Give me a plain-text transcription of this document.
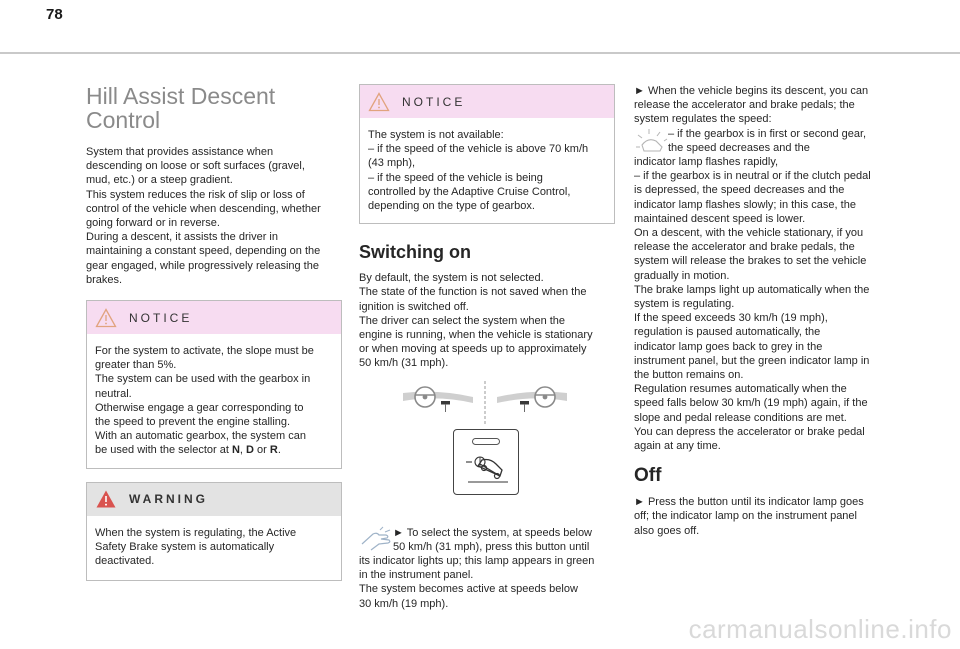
78
Hill Assist Descent
Control
System that provides assistance when
descending on loose or soft surfaces (gravel,
mud, etc.) or a steep gradient.
This system reduces the risk of slip or loss of
control of the vehicle when descending, whether
going forward or in reverse.
During a descent, it assists the driver in
maintaining a constant speed, depending on the
gear engaged, while progressively releasing the
brakes.
NOTICE
For the system to activate, the slope must be
greater than 5%.
The system can be used with the gearbox in
neutral.
Otherwise engage a gear corresponding to
the speed to prevent the engine stalling.
With an automatic gearbox, the system can
be used with the selector at N, D or R.
WARNING
When the system is regulating, the Active
Safety Brake system is automatically
deactivated.
NOTICE
The system is not available:
– if the speed of the vehicle is above 70 km/h
(43 mph),
– if the speed of the vehicle is being
controlled by the Adaptive Cruise Control,
depending on the type of gearbox.
Switching on
By default, the system is not selected.
The state of the function is not saved when the
ignition is switched off.
The driver can select the system when the
engine is running, when the vehicle is stationary
or when moving at speeds up to approximately
50 km/h (31 mph).
► To select the system, at speeds below
50 km/h (31 mph), press this button until
its indicator lights up; this lamp appears in green
in the instrument panel.
The system becomes active at speeds below
30 km/h (19 mph).
► When the vehicle begins its descent, you can
release the accelerator and brake pedals; the
system regulates the speed:
– if the gearbox is in first or second gear,
the speed decreases and the
indicator lamp flashes rapidly,
– if the gearbox is in neutral or if the clutch pedal
is depressed, the speed decreases and the
indicator lamp flashes slowly; in this case, the
maintained descent speed is lower.
On a descent, with the vehicle stationary, if you
release the accelerator and brake pedals, the
system will release the brakes to set the vehicle
gradually in motion.
The brake lamps light up automatically when the
system is regulating.
If the speed exceeds 30 km/h (19 mph),
regulation is paused automatically, the
indicator lamp goes back to grey in the
instrument panel, but the green indicator lamp in
the button remains on.
Regulation resumes automatically when the
speed falls below 30 km/h (19 mph) again, if the
slope and pedal release conditions are met.
You can depress the accelerator or brake pedal
again at any time.
Off
► Press the button until its indicator lamp goes
off; the indicator lamp on the instrument panel
also goes off.
carmanualsonline.info
